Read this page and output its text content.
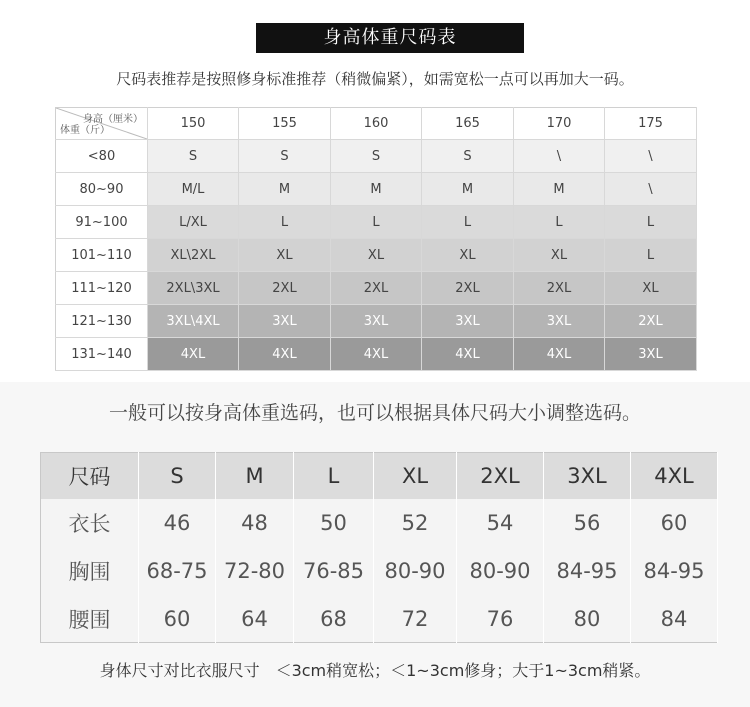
身高体重尺码表
尺码表推荐是按照修身标准推荐（稍微偏紧），如需宽松一点可以再加大一码。
身高（厘米）
体重（斤）	150	155	160	165	170	175
<80	S	S	S	S	\	\
80~90	M/L	M	M	M	M	\
91~100	L/XL	L	L	L	L	L
101~110	XL\2XL	XL	XL	XL	XL	L
111~120	2XL\3XL	2XL	2XL	2XL	2XL	XL
121~130	3XL\4XL	3XL	3XL	3XL	3XL	2XL
131~140	4XL	4XL	4XL	4XL	4XL	3XL
一般可以按身高体重选码，也可以根据具体尺码大小调整选码。
尺码	S	M	L	XL	2XL	3XL	4XL
衣长	46	48	50	52	54	56	60
胸围	68-75	72-80	76-85	80-90	80-90	84-95	84-95
腰围	60	64	68	72	76	80	84
身体尺寸对比衣服尺寸　＜3cm稍宽松；＜1~3cm修身；大于1~3cm稍紧。
